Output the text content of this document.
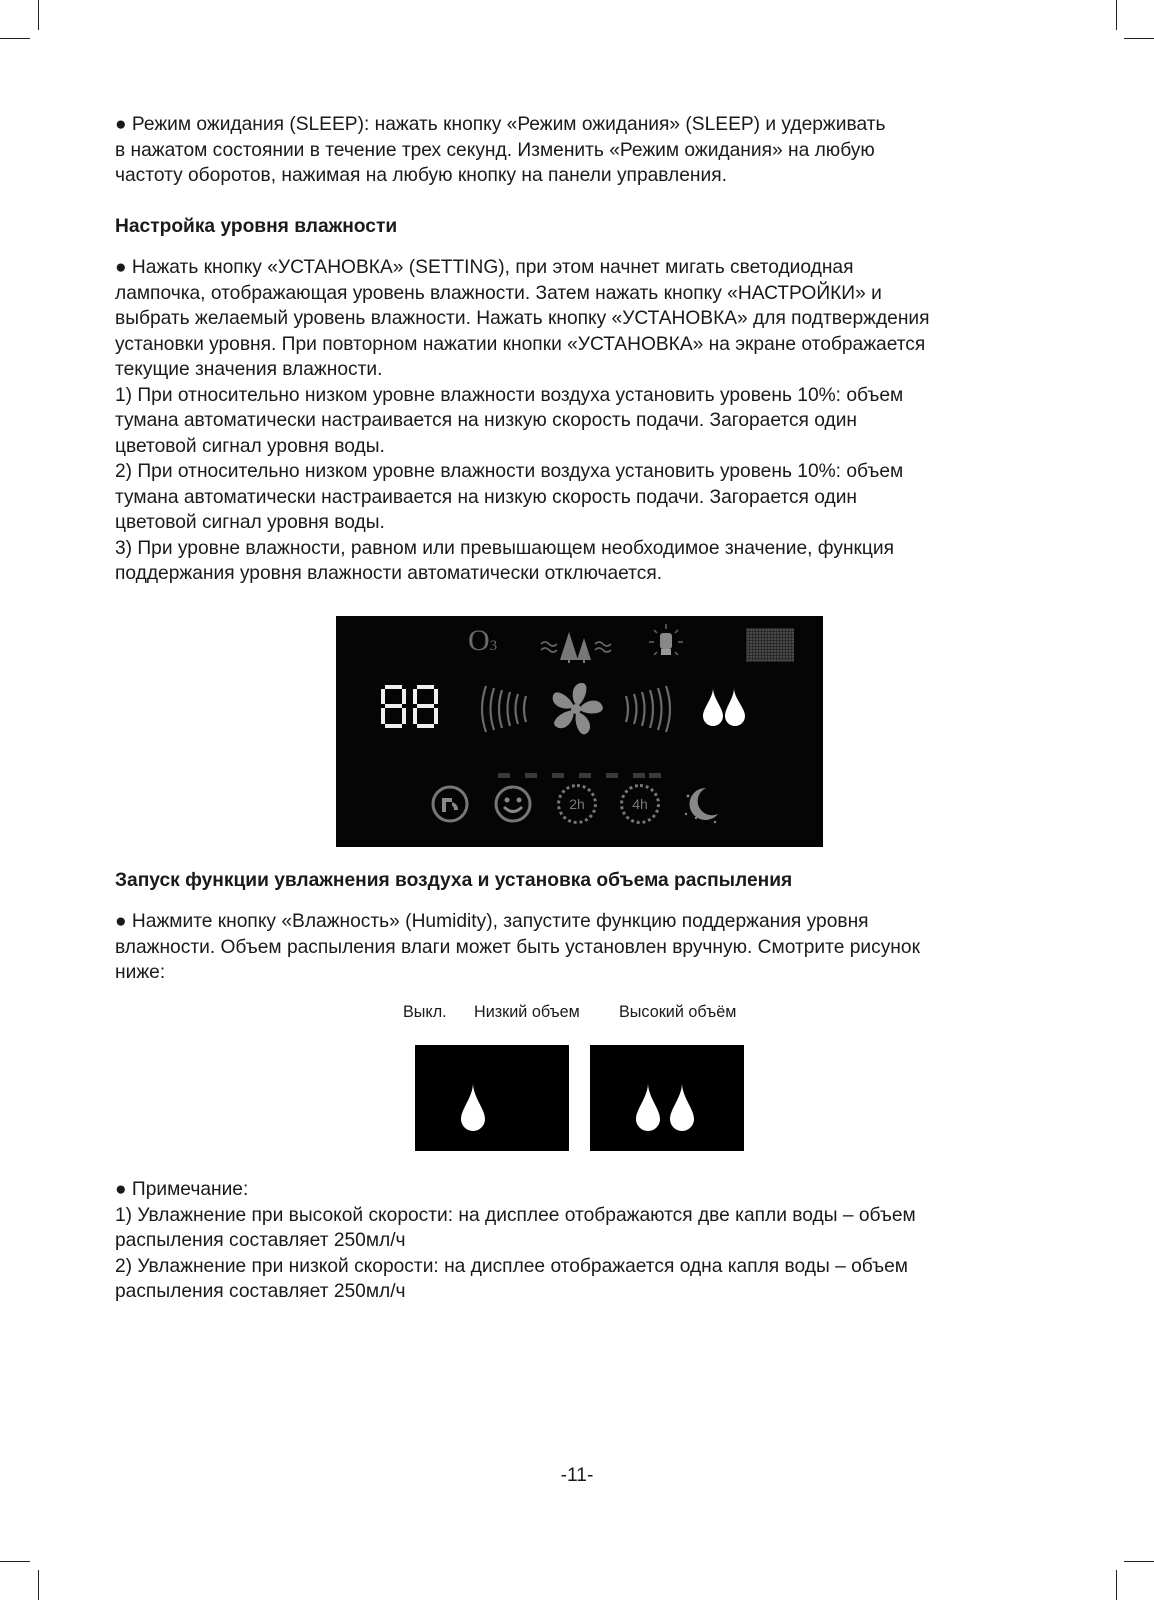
● Режим ожидания (SLEEP): нажать кнопку «Режим ожидания» (SLEEP) и удерживать

в нажатом состоянии в течение трех секунд. Изменить «Режим ожидания» на любую

частоту оборотов, нажимая на любую кнопку на панели управления.

Настройка уровня влажности

● Нажать кнопку «УСТАНОВКА» (SETTING), при этом начнет мигать светодиодная

лампочка, отображающая уровень влажности. Затем нажать кнопку «НАСТРОЙКИ» и

выбрать желаемый уровень влажности. Нажать кнопку «УСТАНОВКА» для подтверждения

установки уровня. При повторном нажатии кнопки «УСТАНОВКА» на экране отображается

текущие значения влажности.

1) При относительно низком уровне влажности воздуха установить уровень 10%: объем

тумана автоматически настраивается на низкую скорость подачи. Загорается один

цветовой сигнал уровня воды.

2) При относительно низком уровне влажности воздуха установить уровень 10%: объем

тумана автоматически настраивается на низкую скорость подачи. Загорается один

цветовой сигнал уровня воды.

3) При уровне влажности, равном или превышающем необходимое значение, функция

поддержания уровня влажности автоматически отключается.

O3
2h	4h
Запуск функции увлажнения воздуха и установка объема распыления

● Нажмите кнопку «Влажность» (Humidity), запустите функцию поддержания уровня

влажности. Объем распыления влаги может быть установлен вручную. Смотрите рисунок

ниже:

Выкл. Низкий объем Высокий объём

● Примечание:

1) Увлажнение при высокой скорости: на дисплее отображаются две капли воды – объем

распыления составляет 250мл/ч

2) Увлажнение при низкой скорости: на дисплее отображается одна капля воды – объем

распыления составляет 250мл/ч

-11-
